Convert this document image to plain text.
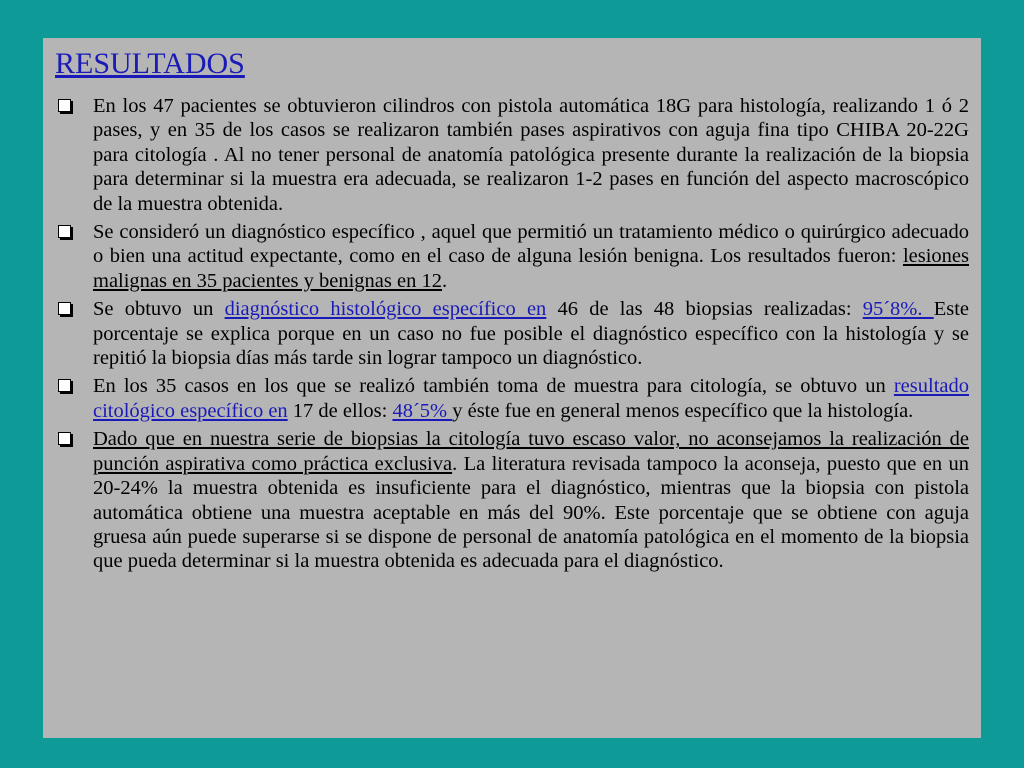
RESULTADOS
En los 47 pacientes se obtuvieron cilindros con pistola automática 18G para histología, realizando 1 ó 2 pases, y en 35 de los casos se realizaron también pases aspirativos con aguja fina tipo CHIBA 20-22G para citología . Al no tener personal de anatomía patológica presente durante la realización de la biopsia para determinar si la muestra era adecuada, se realizaron 1-2 pases en función del aspecto macroscópico de la muestra obtenida.
Se consideró un diagnóstico específico , aquel que permitió un tratamiento médico o quirúrgico adecuado o bien una actitud expectante, como en el caso de alguna lesión benigna. Los resultados fueron: lesiones malignas en 35 pacientes y benignas en 12.
Se obtuvo un diagnóstico histológico específico en 46 de las 48 biopsias realizadas: 95´8%. Este porcentaje se explica porque en un caso no fue posible el diagnóstico específico con la histología y se repitió la biopsia días más tarde sin lograr tampoco un diagnóstico.
En los 35 casos en los que se realizó también toma de muestra para citología, se obtuvo un resultado citológico específico en 17 de ellos: 48´5% y éste fue en general menos específico que la histología.
Dado que en nuestra serie de biopsias la citología tuvo escaso valor, no aconsejamos la realización de punción aspirativa como práctica exclusiva. La literatura revisada tampoco la aconseja, puesto que en un 20-24% la muestra obtenida es insuficiente para el diagnóstico, mientras que la biopsia con pistola automática obtiene una muestra aceptable en más del 90%. Este porcentaje que se obtiene con aguja gruesa aún puede superarse si se dispone de personal de anatomía patológica en el momento de la biopsia que pueda determinar si la muestra obtenida es adecuada para el diagnóstico.
